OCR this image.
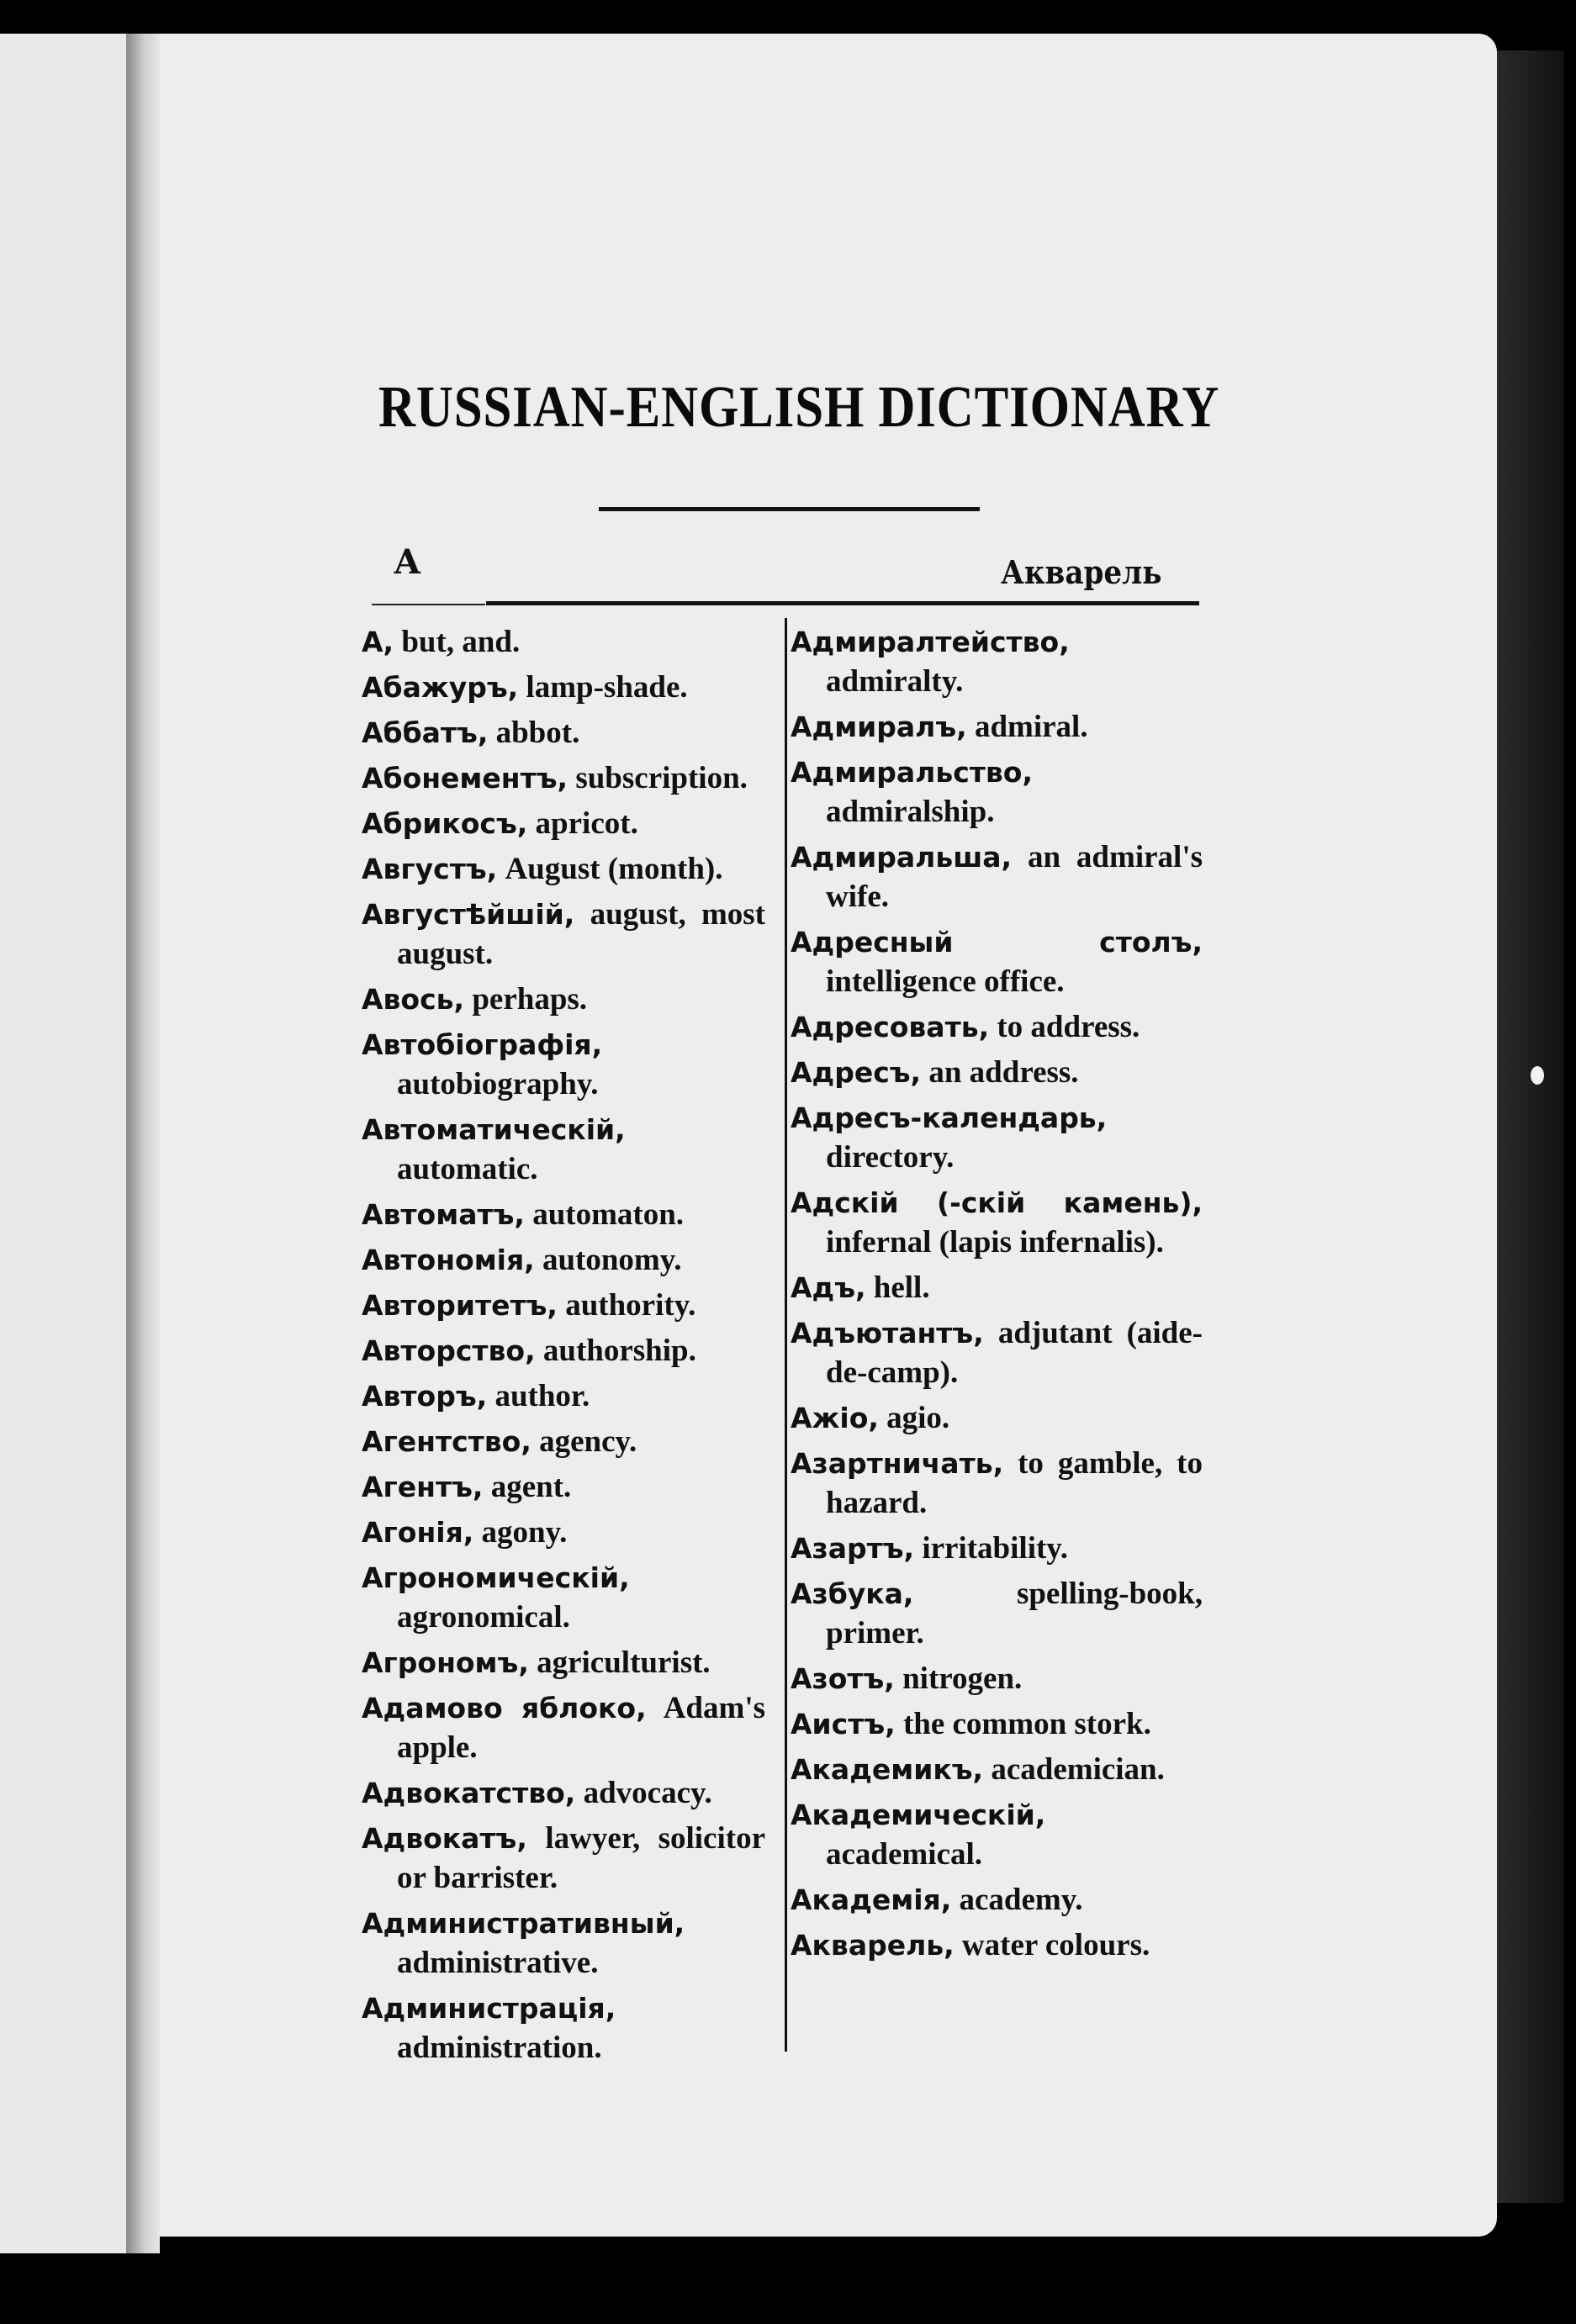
RUSSIAN-ENGLISH DICTIONARY
А	Акварель
А, but, and.
Абажуръ, lamp-shade.
Аббатъ, abbot.
Абонементъ, subscription.
Абрикосъ, apricot.
Августъ, August (month).
Августѣйшій, august, most august.
Авось, perhaps.
Автобіографія, autobiography.
Автоматическій, automatic.
Автоматъ, automaton.
Автономія, autonomy.
Авторитетъ, authority.
Авторство, authorship.
Авторъ, author.
Агентство, agency.
Агентъ, agent.
Агонія, agony.
Агрономическій, agronomical.
Агрономъ, agriculturist.
Адамово яблоко, Adam's apple.
Адвокатство, advocacy.
Адвокатъ, lawyer, solicitor or barrister.
Административный, administrative.
Администрація, administration.
Адмиралтейство, admiralty.
Адмиралъ, admiral.
Адмиральство, admiralship.
Адмиральша, an admiral's wife.
Адресный столъ, intelligence office.
Адресовать, to address.
Адресъ, an address.
Адресъ-календарь, directory.
Адскій (-скій камень), infernal (lapis infernalis).
Адъ, hell.
Адъютантъ, adjutant (aide-de-camp).
Ажіо, agio.
Азартничать, to gamble, to hazard.
Азартъ, irritability.
Азбука,	spelling-book, primer.
Азотъ, nitrogen.
Аистъ, the common stork.
Академикъ, academician.
Академическій, academical.
Академія, academy.
Акварель, water colours.
